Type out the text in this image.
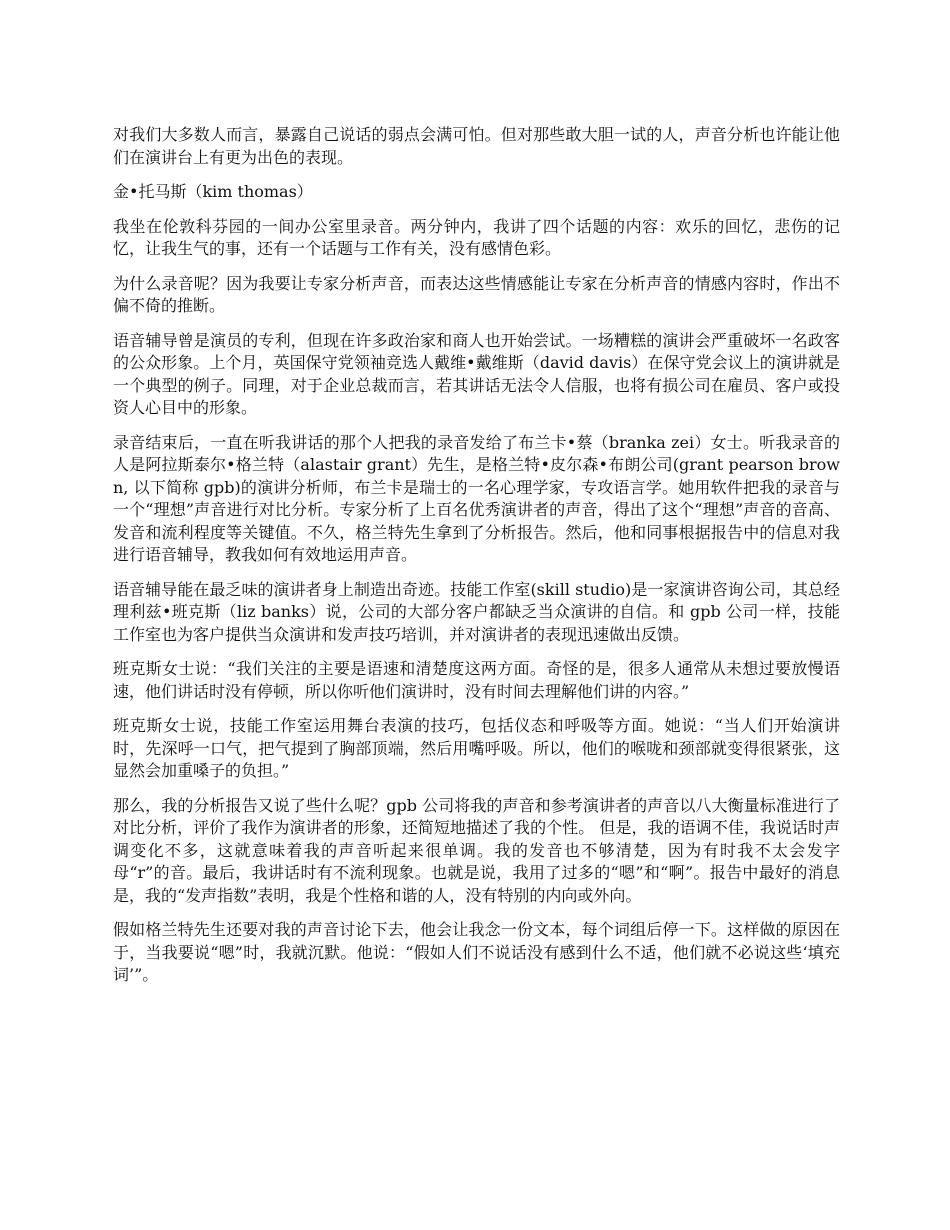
对我们大多数人而言，暴露自己说话的弱点会满可怕。但对那些敢大胆一试的人，声音分析也许能让他们在演讲台上有更为出色的表现。

金•托马斯（kim thomas）

我坐在伦敦科芬园的一间办公室里录音。两分钟内，我讲了四个话题的内容：欢乐的回忆，悲伤的记忆，让我生气的事，还有一个话题与工作有关，没有感情色彩。

为什么录音呢？因为我要让专家分析声音，而表达这些情感能让专家在分析声音的情感内容时，作出不偏不倚的推断。

语音辅导曾是演员的专利，但现在许多政治家和商人也开始尝试。一场糟糕的演讲会严重破坏一名政客的公众形象。上个月，英国保守党领袖竞选人戴维•戴维斯（david davis）在保守党会议上的演讲就是一个典型的例子。同理，对于企业总裁而言，若其讲话无法令人信服，也将有损公司在雇员、客户或投资人心目中的形象。

录音结束后，一直在听我讲话的那个人把我的录音发给了布兰卡•蔡（branka zei）女士。听我录音的人是阿拉斯泰尔•格兰特（alastair grant）先生，是格兰特•皮尔森•布朗公司(grant pearson brown, 以下简称 gpb)的演讲分析师，布兰卡是瑞士的一名心理学家，专攻语言学。她用软件把我的录音与一个“理想”声音进行对比分析。专家分析了上百名优秀演讲者的声音，得出了这个“理想”声音的音高、发音和流利程度等关键值。不久，格兰特先生拿到了分析报告。然后，他和同事根据报告中的信息对我进行语音辅导，教我如何有效地运用声音。

语音辅导能在最乏味的演讲者身上制造出奇迹。技能工作室(skill studio)是一家演讲咨询公司，其总经理利兹•班克斯（liz banks）说，公司的大部分客户都缺乏当众演讲的自信。和 gpb 公司一样，技能工作室也为客户提供当众演讲和发声技巧培训，并对演讲者的表现迅速做出反馈。

班克斯女士说：“我们关注的主要是语速和清楚度这两方面。奇怪的是，很多人通常从未想过要放慢语速，他们讲话时没有停顿，所以你听他们演讲时，没有时间去理解他们讲的内容。”

班克斯女士说，技能工作室运用舞台表演的技巧，包括仪态和呼吸等方面。她说：“当人们开始演讲时，先深呼一口气，把气提到了胸部顶端，然后用嘴呼吸。所以，他们的喉咙和颈部就变得很紧张，这显然会加重嗓子的负担。”

那么，我的分析报告又说了些什么呢？gpb 公司将我的声音和参考演讲者的声音以八大衡量标准进行了对比分析，评价了我作为演讲者的形象，还简短地描述了我的个性。 但是，我的语调不佳，我说话时声调变化不多，这就意味着我的声音听起来很单调。我的发音也不够清楚，因为有时我不太会发字母“r”的音。最后，我讲话时有不流利现象。也就是说，我用了过多的“嗯”和“啊”。报告中最好的消息是，我的“发声指数”表明，我是个性格和谐的人，没有特别的内向或外向。

假如格兰特先生还要对我的声音讨论下去，他会让我念一份文本，每个词组后停一下。这样做的原因在于，当我要说“嗯”时，我就沉默。他说：“假如人们不说话没有感到什么不适，他们就不必说这些‘填充词’”。
